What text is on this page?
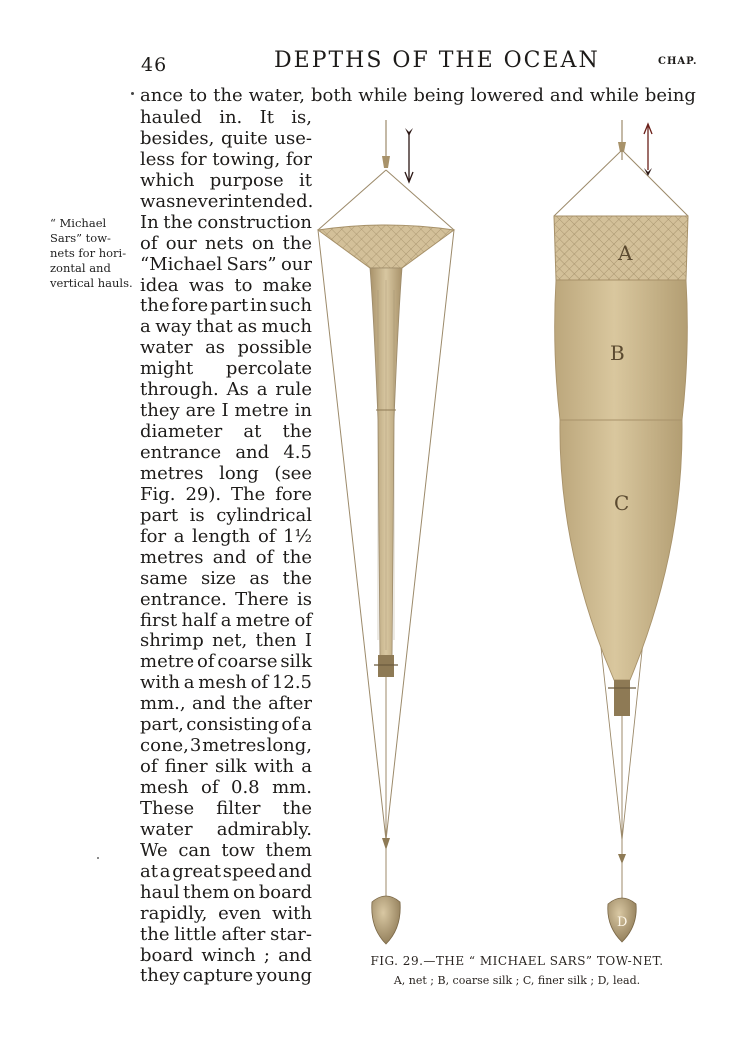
46	DEPTHS OF THE OCEAN	CHAP.
ance to the water, both while being lowered and while being
“ Michael
Sars” tow-
nets for hori-
zontal and
vertical hauls.
hauled in. It is,
besides, quite use-
less for towing, for
which purpose it
was never intended.
In the construction
of our nets on the
“Michael Sars” our
idea was to make
the fore part in such
a way that as much
water as possible
might percolate
through. As a rule
they are I metre in
diameter at the
entrance and 4.5
metres long (see
Fig. 29). The fore
part is cylindrical
for a length of 1½
metres and of the
same size as the
entrance. There is
first half a metre of
shrimp net, then I
metre of coarse silk
with a mesh of 12.5
mm., and the after
part, consisting of a
cone, 3 metres long,
of finer silk with a
mesh of 0.8 mm.
These filter the
water admirably.
We can tow them
at a great speed and
haul them on board
rapidly, even with
the little after star-
board winch ; and
they capture young
A
B
C
D
FIG. 29.—THE “ MICHAEL SARS” TOW-NET.
A, net ; B, coarse silk ; C, finer silk ; D, lead.
